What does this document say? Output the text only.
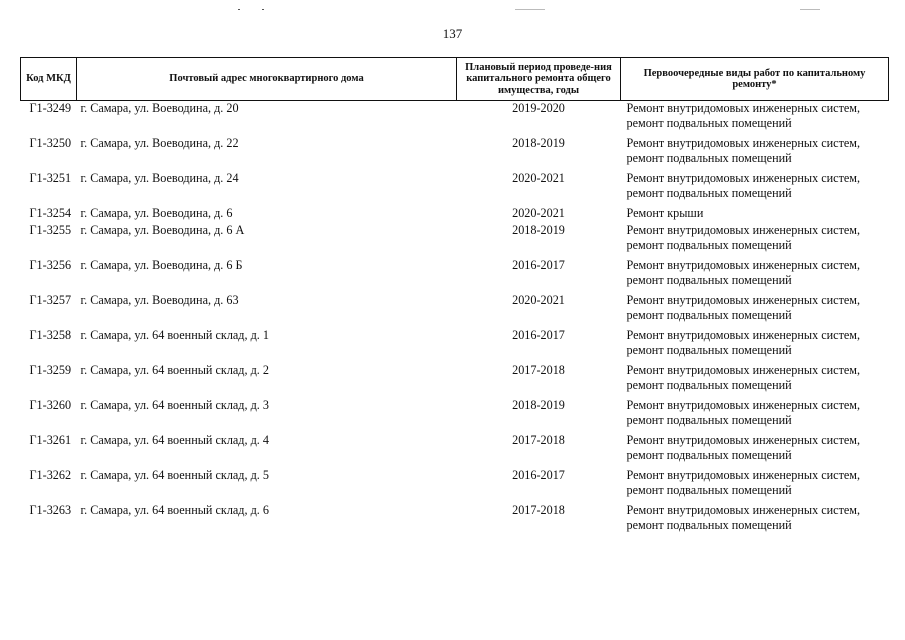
137
Код МКД	Почтовый адрес многоквартирного дома	Плановый период проведе-ния капитального ремонта общего имущества, годы	Первоочередные виды работ по капитальному ремонту*
Г1-3249	г. Самара, ул. Воеводина, д. 20	2019-2020	Ремонт внутридомовых инженерных систем, ремонт подвальных помещений
Г1-3250	г. Самара, ул. Воеводина, д. 22	2018-2019	Ремонт внутридомовых инженерных систем, ремонт подвальных помещений
Г1-3251	г. Самара, ул. Воеводина, д. 24	2020-2021	Ремонт внутридомовых инженерных систем, ремонт подвальных помещений
Г1-3254	г. Самара, ул. Воеводина, д. 6	2020-2021	Ремонт крыши
Г1-3255	г. Самара, ул. Воеводина, д. 6 А	2018-2019	Ремонт внутридомовых инженерных систем, ремонт подвальных помещений
Г1-3256	г. Самара, ул. Воеводина, д. 6 Б	2016-2017	Ремонт внутридомовых инженерных систем, ремонт подвальных помещений
Г1-3257	г. Самара, ул. Воеводина, д. 63	2020-2021	Ремонт внутридомовых инженерных систем, ремонт подвальных помещений
Г1-3258	г. Самара, ул. 64 военный склад, д. 1	2016-2017	Ремонт внутридомовых инженерных систем, ремонт подвальных помещений
Г1-3259	г. Самара, ул. 64 военный склад, д. 2	2017-2018	Ремонт внутридомовых инженерных систем, ремонт подвальных помещений
Г1-3260	г. Самара, ул. 64 военный склад, д. 3	2018-2019	Ремонт внутридомовых инженерных систем, ремонт подвальных помещений
Г1-3261	г. Самара, ул. 64 военный склад, д. 4	2017-2018	Ремонт внутридомовых инженерных систем, ремонт подвальных помещений
Г1-3262	г. Самара, ул. 64 военный склад, д. 5	2016-2017	Ремонт внутридомовых инженерных систем, ремонт подвальных помещений
Г1-3263	г. Самара, ул. 64 военный склад, д. 6	2017-2018	Ремонт внутридомовых инженерных систем, ремонт подвальных помещений
